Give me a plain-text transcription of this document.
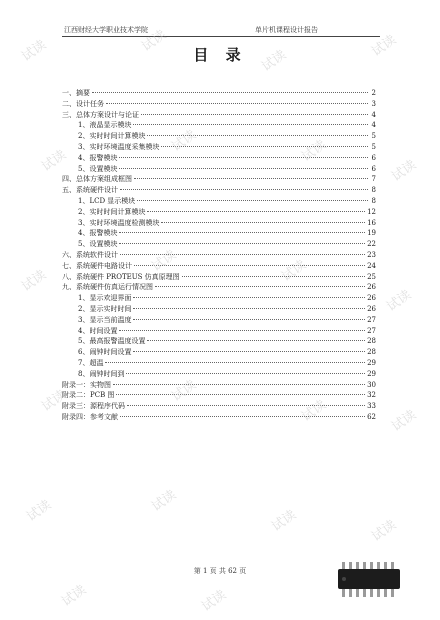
江西财经大学职业技术学院	单片机课程设计报告
目 录
一、摘要	2
二、设计任务	3
三、总体方案设计与论证	4
1、液晶显示模块	4
2、实时时间计算模块	5
3、实时环境温度采集模块	5
4、报警模块	6
5、设置模块	6
四、总体方案组成框图	7
五、系统硬件设计	8
1、LCD 显示模块	8
2、实时时间计算模块	12
3、实时环境温度检测模块	16
4、报警模块	19
5、设置模块	22
六、系统软件设计	23
七、系统硬件电路设计	24
八、系统硬件 PROTEUS 仿真原理图	25
九、系统硬件仿真运行情况图	26
1、显示欢迎界面	26
2、显示实时时间	26
3、显示当前温度	27
4、时间设置	27
5、最高报警温度设置	28
6、闹钟时间设置	28
7、超温	29
8、闹钟时间到	29
附录一：实物图	30
附录二：PCB 图	32
附录三：源程序代码	33
附录四：参考文献	62
第 1 页 共 62 页
试读	试读
试读
试读
试读
试读	试读
试读
试读
试读	试读
试读
试读	试读
试读	试读
试读	试读
试读	试读
试读	试读
